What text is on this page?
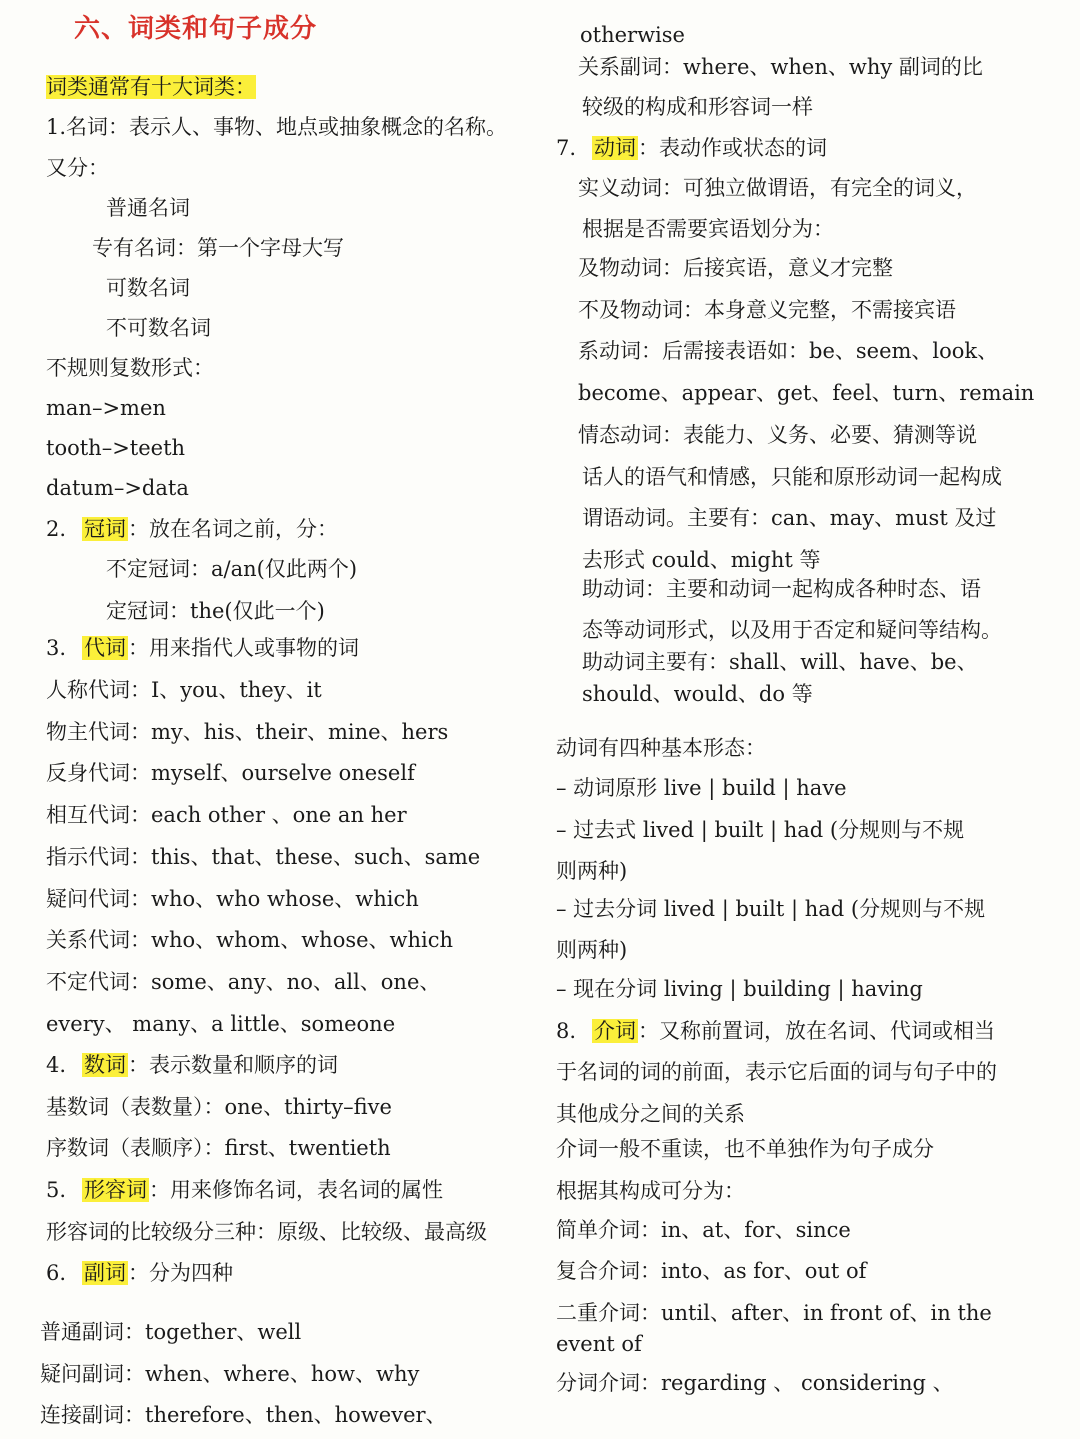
六、词类和句子成分
词类通常有十大词类：
1.名词：表示人、事物、地点或抽象概念的名称。
又分：
普通名词
专有名词：第一个字母大写
可数名词
不可数名词
不规则复数形式：
man–>men
tooth–>teeth
datum–>data
2. 冠词：放在名词之前，分：
不定冠词：a/an(仅此两个)
定冠词：the(仅此一个)
3. 代词：用来指代人或事物的词
人称代词：I、you、they、it
物主代词：my、his、their、mine、hers
反身代词：myself、ourselve oneself
相互代词：each other 、one an her
指示代词：this、that、these、such、same
疑问代词：who、who whose、which
关系代词：who、whom、whose、which
不定代词：some、any、no、all、one、
every、 many、a little、someone
4. 数词：表示数量和顺序的词
基数词（表数量）：one、thirty–five
序数词（表顺序）：first、twentieth
5. 形容词：用来修饰名词，表名词的属性
形容词的比较级分三种：原级、比较级、最高级
6. 副词：分为四种
普通副词：together、well
疑问副词：when、where、how、why
连接副词：therefore、then、however、
otherwise
关系副词：where、when、why 副词的比
较级的构成和形容词一样
7. 动词：表动作或状态的词
实义动词：可独立做谓语，有完全的词义，
根据是否需要宾语划分为：
及物动词：后接宾语，意义才完整
不及物动词：本身意义完整，不需接宾语
系动词：后需接表语如：be、seem、look、
become、appear、get、feel、turn、remain
情态动词：表能力、义务、必要、猜测等说
话人的语气和情感，只能和原形动词一起构成
谓语动词。主要有：can、may、must 及过
去形式 could、might 等
助动词：主要和动词一起构成各种时态、语
态等动词形式，以及用于否定和疑问等结构。
助动词主要有：shall、will、have、be、
should、would、do 等
动词有四种基本形态：
– 动词原形 live | build | have
– 过去式 lived | built | had (分规则与不规
则两种)
– 过去分词 lived | built | had (分规则与不规
则两种)
– 现在分词 living | building | having
8. 介词：又称前置词，放在名词、代词或相当
于名词的词的前面，表示它后面的词与句子中的
其他成分之间的关系
介词一般不重读，也不单独作为句子成分
根据其构成可分为：
简单介词：in、at、for、since
复合介词：into、as for、out of
二重介词：until、after、in front of、in the
event of
分词介词：regarding 、 considering 、
